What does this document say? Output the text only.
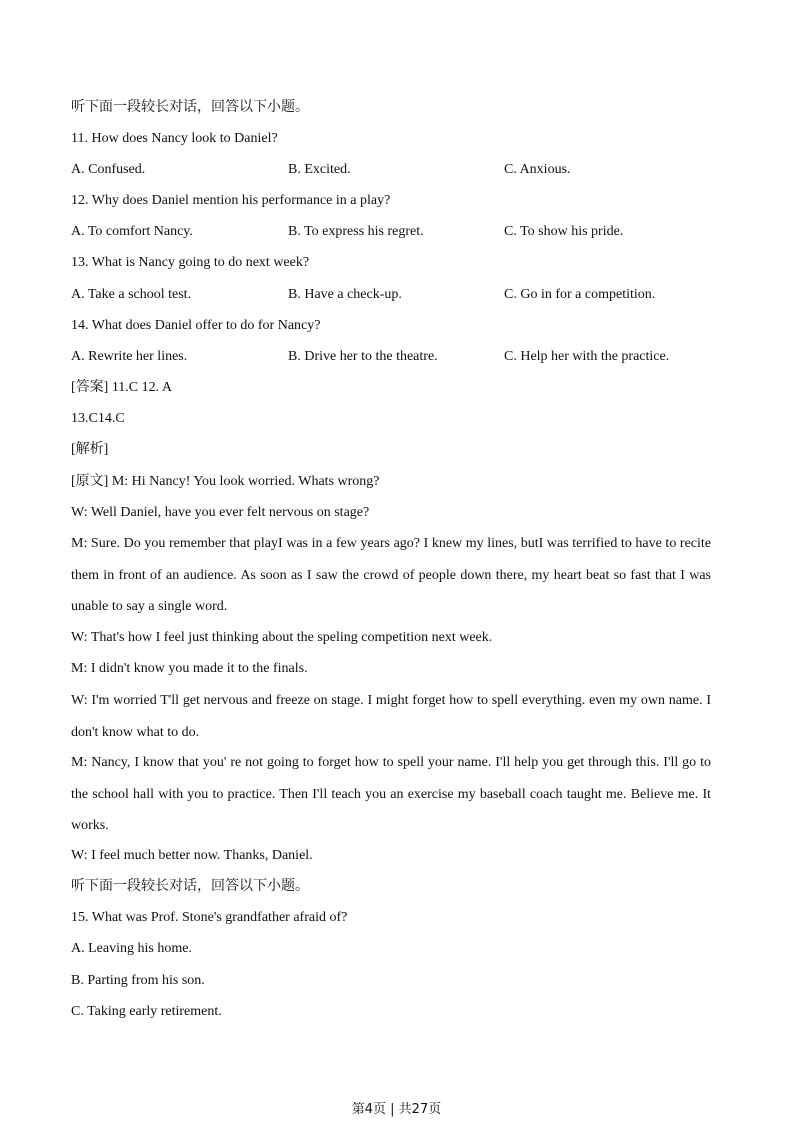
听下面一段较长对话，回答以下小题。
11. How does Nancy look to Daniel?
A. Confused.	B. Excited.	C. Anxious.
12. Why does Daniel mention his performance in a play?
A. To comfort Nancy.	B. To express his regret.	C. To show his pride.
13. What is Nancy going to do next week?
A. Take a school test.	B. Have a check-up.	C. Go in for a competition.
14. What does Daniel offer to do for Nancy?
A. Rewrite her lines.	B. Drive her to the theatre.	C. Help her with the practice.
[答案] 11.C 12. A
13.C14.C
[解析]
[原文] M: Hi Nancy! You look worried. Whats wrong?
W: Well Daniel, have you ever felt nervous on stage?
M: Sure. Do you remember that playI was in a few years ago? I knew my lines, butI was terrified to have to recite them in front of an audience. As soon as I saw the crowd of people down there, my heart beat so fast that I was unable to say a single word.
W: That's how I feel just thinking about the speling competition next week.
M: I didn't know you made it to the finals.
W: I'm worried T'll get nervous and freeze on stage. I might forget how to spell everything. even my own name. I don't know what to do.
M: Nancy, I know that you' re not going to forget how to spell your name. I'll help you get through this. I'll go to the school hall with you to practice. Then I'll teach you an exercise my baseball coach taught me. Believe me. It works.
W: I feel much better now. Thanks, Daniel.
听下面一段较长对话，回答以下小题。
15. What was Prof. Stone's grandfather afraid of?
A. Leaving his home.
B. Parting from his son.
C. Taking early retirement.
第4页 | 共27页
